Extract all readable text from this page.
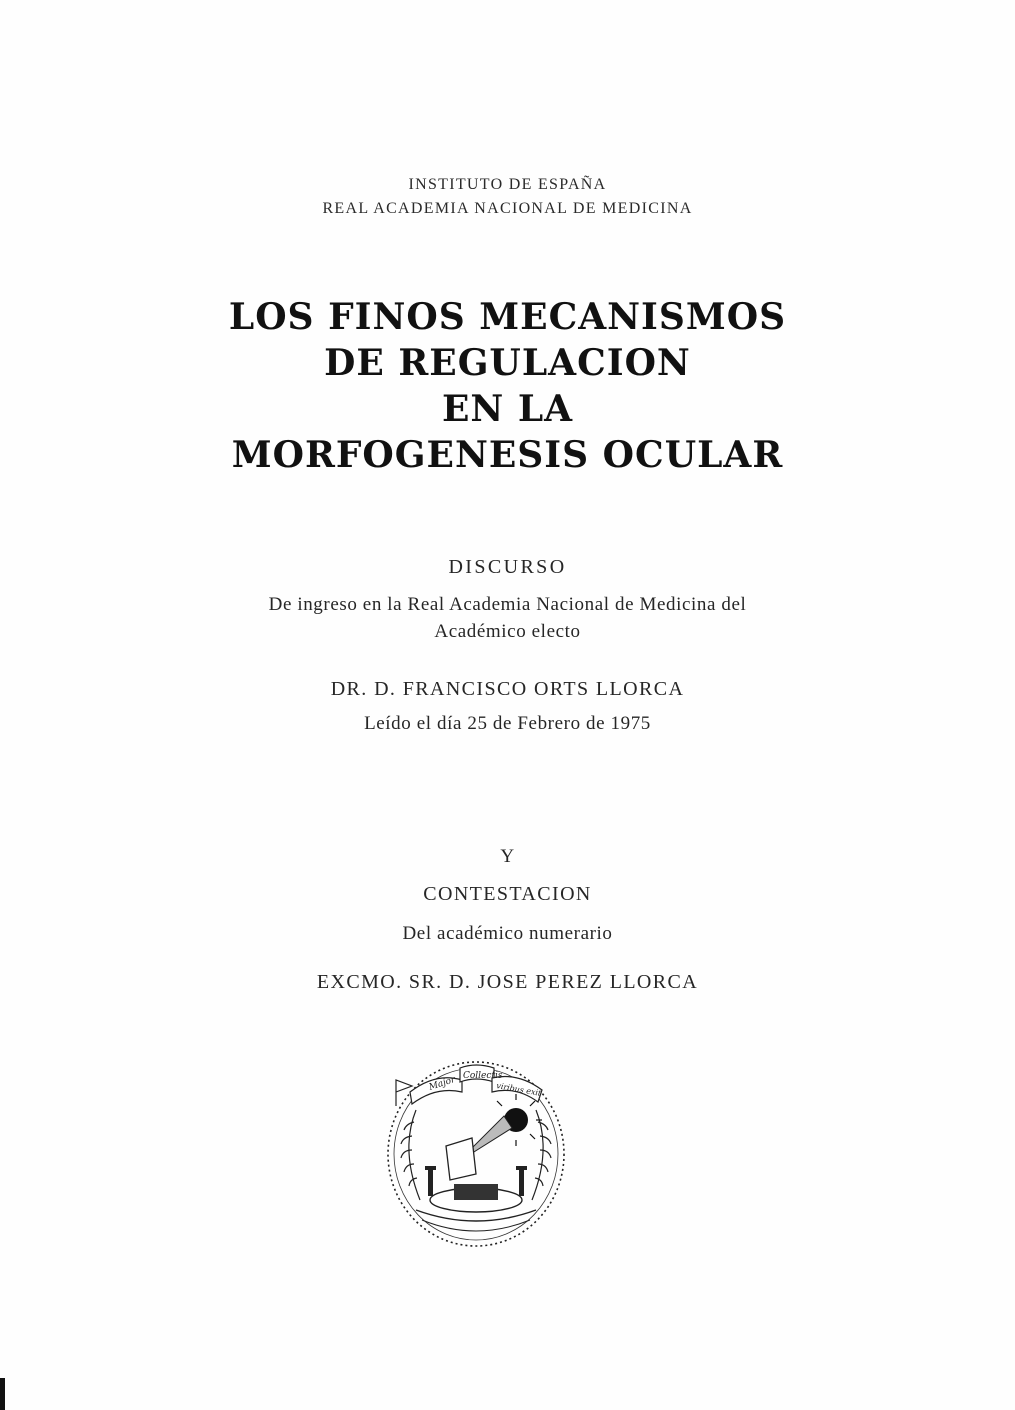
INSTITUTO DE ESPAÑA
REAL ACADEMIA NACIONAL DE MEDICINA
LOS FINOS MECANISMOS
DE REGULACION
EN LA
MORFOGENESIS OCULAR
DISCURSO
De ingreso en la Real Academia Nacional de Medicina del
Académico electo
DR. D. FRANCISCO ORTS LLORCA
Leído el día 25 de Febrero de 1975
Y
CONTESTACION
Del académico numerario
EXCMO. SR. D. JOSE PEREZ LLORCA
Major Collectis
viribus exit
